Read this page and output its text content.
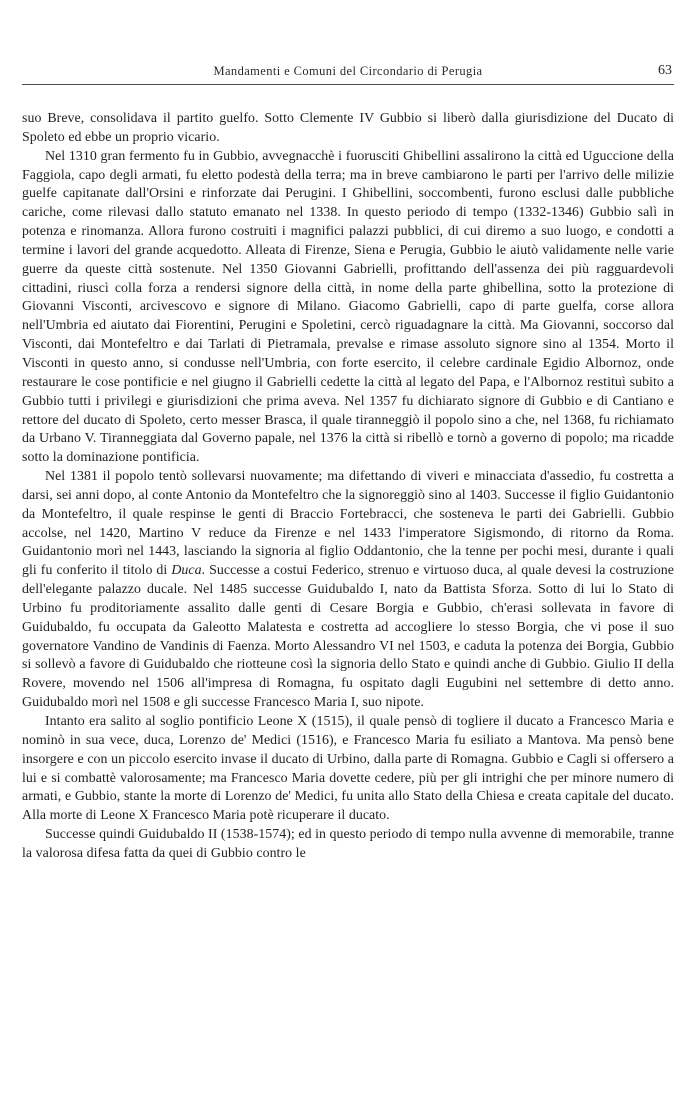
Mandamenti e Comuni del Circondario di Perugia	63

suo Breve, consolidava il partito guelfo. Sotto Clemente IV Gubbio si liberò dalla giurisdizione del Ducato di Spoleto ed ebbe un proprio vicario.

Nel 1310 gran fermento fu in Gubbio, avvegnacchè i fuorusciti Ghibellini assalirono la città ed Uguccione della Faggiola, capo degli armati, fu eletto podestà della terra; ma in breve cambiarono le parti per l'arrivo delle milizie guelfe capitanate dall'Orsini e rinforzate dai Perugini. I Ghibellini, soccombenti, furono esclusi dalle pubbliche cariche, come rilevasi dallo statuto emanato nel 1338. In questo periodo di tempo (1332-1346) Gubbio salì in potenza e rinomanza. Allora furono costruiti i magnifici palazzi pubblici, di cui diremo a suo luogo, e condotti a termine i lavori del grande acquedotto. Alleata di Firenze, Siena e Perugia, Gubbio le aiutò validamente nelle varie guerre da queste città sostenute. Nel 1350 Giovanni Gabrielli, profittando dell'assenza dei più ragguardevoli cittadini, riuscì colla forza a rendersi signore della città, in nome della parte ghibellina, sotto la protezione di Giovanni Visconti, arcivescovo e signore di Milano. Giacomo Gabrielli, capo di parte guelfa, corse allora nell'Umbria ed aiutato dai Fiorentini, Perugini e Spoletini, cercò riguadagnare la città. Ma Giovanni, soccorso dal Visconti, dai Montefeltro e dai Tarlati di Pietramala, prevalse e rimase assoluto signore sino al 1354. Morto il Visconti in questo anno, si condusse nell'Umbria, con forte esercito, il celebre cardinale Egidio Albornoz, onde restaurare le cose pontificie e nel giugno il Gabrielli cedette la città al legato del Papa, e l'Albornoz restituì subito a Gubbio tutti i privilegi e giurisdizioni che prima aveva. Nel 1357 fu dichiarato signore di Gubbio e di Cantiano e rettore del ducato di Spoleto, certo messer Brasca, il quale tiranneggiò il popolo sino a che, nel 1368, fu richiamato da Urbano V. Tiranneggiata dal Governo papale, nel 1376 la città si ribellò e tornò a governo di popolo; ma ricadde sotto la dominazione pontificia.

Nel 1381 il popolo tentò sollevarsi nuovamente; ma difettando di viveri e minacciata d'assedio, fu costretta a darsi, sei anni dopo, al conte Antonio da Montefeltro che la signoreggiò sino al 1403. Successe il figlio Guidantonio da Montefeltro, il quale respinse le genti di Braccio Fortebracci, che sosteneva le parti dei Gabrielli. Gubbio accolse, nel 1420, Martino V reduce da Firenze e nel 1433 l'imperatore Sigismondo, di ritorno da Roma. Guidantonio morì nel 1443, lasciando la signoria al figlio Oddantonio, che la tenne per pochi mesi, durante i quali gli fu conferito il titolo di Duca. Successe a costui Federico, strenuo e virtuoso duca, al quale devesi la costruzione dell'elegante palazzo ducale. Nel 1485 successe Guidubaldo I, nato da Battista Sforza. Sotto di lui lo Stato di Urbino fu proditoriamente assalito dalle genti di Cesare Borgia e Gubbio, ch'erasi sollevata in favore di Guidubaldo, fu occupata da Galeotto Malatesta e costretta ad accogliere lo stesso Borgia, che vi pose il suo governatore Vandino de Vandinis di Faenza. Morto Alessandro VI nel 1503, e caduta la potenza dei Borgia, Gubbio si sollevò a favore di Guidubaldo che riotteune così la signoria dello Stato e quindi anche di Gubbio. Giulio II della Rovere, movendo nel 1506 all'impresa di Romagna, fu ospitato dagli Eugubini nel settembre di detto anno. Guidubaldo morì nel 1508 e gli successe Francesco Maria I, suo nipote.

Intanto era salito al soglio pontificio Leone X (1515), il quale pensò di togliere il ducato a Francesco Maria e nominò in sua vece, duca, Lorenzo de' Medici (1516), e Francesco Maria fu esiliato a Mantova. Ma pensò bene insorgere e con un piccolo esercito invase il ducato di Urbino, dalla parte di Romagna. Gubbio e Cagli si offersero a lui e si combattè valorosamente; ma Francesco Maria dovette cedere, più per gli intrighi che per minore numero di armati, e Gubbio, stante la morte di Lorenzo de' Medici, fu unita allo Stato della Chiesa e creata capitale del ducato. Alla morte di Leone X Francesco Maria potè ricuperare il ducato.

Successe quindi Guidubaldo II (1538-1574); ed in questo periodo di tempo nulla avvenne di memorabile, tranne la valorosa difesa fatta da quei di Gubbio contro le
